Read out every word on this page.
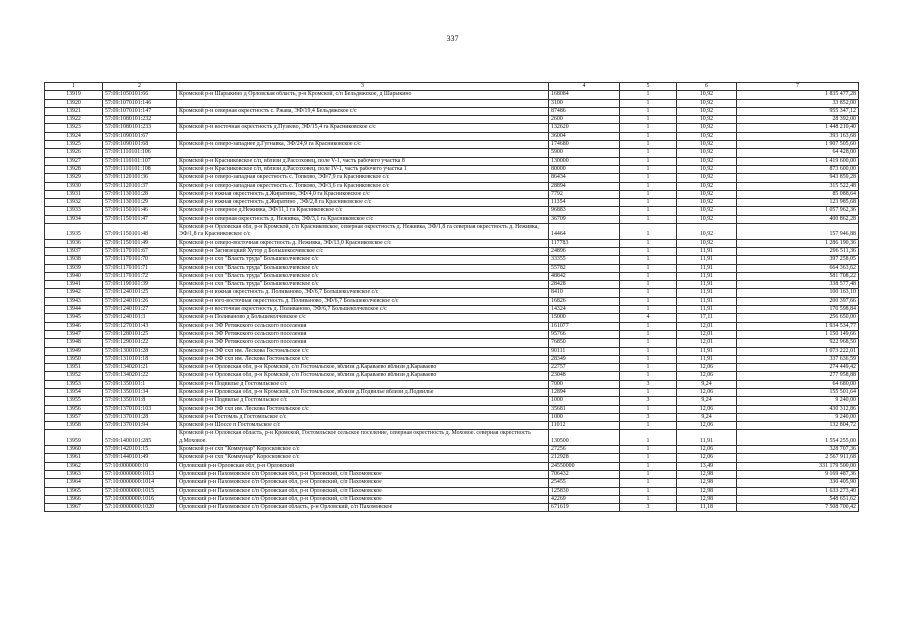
337
1	2	3	4	5	6	7
13919	57:09:1050101:66	Кромской р-н Шарыкино д Орловская область, р-н Кромской, с/п Бельдяжское, д Шарыкино	168084	1	10,92	1 835 477,28
13920	57:09:1070101:146		3100	1	10,92	33 852,00
13921	57:09:1070101:147	Кромской р-н северная окрестность с. Ржава, ЭФ/19,4 Бельдяжское с/с	87486	1	10,92	955 347,12
13922	57:09:1080101:232		2600	1	10,92	28 392,00
13923	57:09:1080101:233	Кромской р-н восточная окрестность д.Пузеево, ЭФ/15,4 га Красниковское с/с	132620	1	10,92	1 448 210,40
13924	57:09:1090101:67		36004	1	10,92	393 163,68
13925	57:09:1090101:68	Кромской р-н северо-западнее д.Гугнавка, ЭФ/24,9 га Красниковское с/с	174680	1	10,92	1 907 505,60
13926	57:09:1110101:106		5900	1	10,92	64 428,00
13927	57:09:1110101:107	Кромской р-н Красниковское с/п, вблизи д.Рассоховец, поле V-1, часть рабочего участка 8	130000	1	10,92	1 419 600,00
13928	57:09:1110101:108	Кромской р-н Красниковское с/п, вблизи д.Рассоховец, поле IV-1, часть рабочего участка 1	80000	1	10,92	873 600,00
13929	57:09:1120101:36	Кромской р-н северо-западная окрестность с. Топково, ЭФ/7,9 га Красниковское с/с	86434	1	10,92	943 859,28
13930	57:09:1120101:37	Кромской р-н северо-западная окрестность с. Топково, ЭФ/3,6 га Красниковское с/с	28894	1	10,92	315 522,48
13931	57:09:1130101:28	Кромской р-н южная окрестность д.Жиратино, ЭФ/4,0 га Красниковское с/с	7792	1	10,92	85 088,64
13932	57:09:1130101:29	Кромской р-н южная окрестность д.Жиратино , ЭФ/2,8 га Красниковское с/с	11354	1	10,92	123 985,68
13933	57:09:1150101:46	Кромской р-н северное д.Неживка, ЭФ/11,1 га Красниковское с/с	96883	1	10,92	1 057 962,36
13934	57:09:1150101:47	Кромской р-н северная окрестность д. Неживка, ЭФ/3,1 га Красниковское с/с	36709	1	10,92	400 862,28
13935	57:09:1150101:48	Кромской р-н Орловская обл, р-н Кромской, с/п Красниковское, северная окрестность д. Неживка, ЭФ/1,8 га северная окрестность д. Неживка, ЭФ/1,8 га Красниковское с/с	14464	1	10,92	157 946,88
13936	57:09:1150101:49	Кромской р-н северо-восточная окрестность д. Неживка, ЭФ/13,0 Красниковское с/с	117783	1	10,92	1 286 190,36
13937	57:09:1170101:67	Кромской р-н Загнязецкий Хутор д Большеколчевское с/с	24896	1	11,91	296 511,36
13938	57:09:1170101:70	Кромской р-н схп "Власть труда" Большеколчевское с/с	33355	1	11,91	397 258,05
13939	57:09:1170101:71	Кромской р-н схп "Власть труда" Большеколчевское с/с	55782	1	11,91	664 363,62
13940	57:09:1170101:72	Кромской р-н схп "Власть труда" Большеколчевское с/с	48842	1	11,91	581 708,22
13941	57:09:1190101:39	Кромской р-н схп "Власть труда" Большеколчевское с/с	28428	1	11,91	338 577,48
13942	57:09:1240101:25	Кромской р-н южная окрестность д. Поливаново, ЭФ/6,7 Большеколчевское с/с	8410	1	11,91	100 163,10
13943	57:09:1240101:26	Кромской р-н юго-восточная окрестность д. Поливаново, ЭФ/6,7 Большеколчевское с/с	16826	1	11,91	200 397,66
13944	57:09:1240101:27	Кромской р-н восточная окрестность д. Поливаново, ЭФ/6,7 Большеколчевское с/с	14324	1	11,91	170 598,84
13945	57:09:1240101:3	Кромской р-н Поливаново д Большеколчевское с/с	15000	4	17,11	256 650,00
13946	57:09:1270101:43	Кромской р-н ЭФ Ретяжского сельского поселения	161077	1	12,01	1 934 534,77
13947	57:09:1280101:25	Кромской р-н ЭФ Ретяжского сельского поселения	95766	1	12,01	1 150 149,66
13948	57:09:1290101:22	Кромской р-н ЭФ Ретяжского сельского поселения	76850	1	12,01	922 968,50
13949	57:09:1300101:28	Кромской р-н ЭФ схп им. Лескова Гостомльское с/с	90111	1	11,91	1 073 222,01
13950	57:09:1310101:18	Кромской р-н ЭФ схп им. Лескова Гостомльское с/с	28349	1	11,91	337 636,59
13951	57:09:1340201:21	Кромской р-н Орловская обл, р-н Кромской, с/п Гостомльское, вблизи д.Караваево вблизи д.Караваево	22757	1	12,06	274 449,42
13952	57:09:1340201:22	Кромской р-н Орловская обл, р-н Кромской, с/п Гостомльское, вблизи д.Караваево вблизи д.Караваево	23048	1	12,06	277 958,88
13953	57:09:1350101:1	Кромской р-н Подвилье д Гостомльское с/с	7000	3	9,24	64 680,00
13954	57:09:1350101:34	Кромской р-н Орловская обл, р-н Кромской, с/п Гостомльское, вблизи д.Подвилье вблизи д.Подвилье	12894	1	12,06	155 501,64
13955	57:09:1350101:8	Кромской р-н Подвилье д Гостомльское с/с	1000	3	9,24	9 240,00
13956	57:09:1370101:103	Кромской р-н ЭФ схп им. Лескова Гостомльское с/с	35681	1	12,06	430 312,86
13957	57:09:1370101:28	Кромской р-н Гостомль д Гостомльское с/с	1000	3	9,24	9 240,00
13958	57:09:1370101:94	Кромской р-н Шоссе п Гостомльское с/с	11012	1	12,06	132 804,72
13959	57:09:1400101:285	Кромской р-н Орловская область, р-н Кромской, Гостомльское сельское поселение, северная окрестность д. Моховое. северная окрестность д.Моховое.	130500	1	11,91	1 554 255,00
13960	57:09:1420101:15	Кромской р-н схп "Коммунар" Коросковское с/с	27256	1	12,06	328 707,36
13961	57:09:1440101:49	Кромской р-н схп "Коммунар" Коросковское с/с	212928	1	12,06	2 567 911,68
13962	57:10:0000000:10	Орловский р-н Орловская обл, р-н Орловский	24550000	1	13,49	331 179 500,00
13963	57:10:0000000:1013	Орловский р-н Пахомовское с/п Орловская обл, р-н Орловский, с/п Пахомовское	706432	1	12,98	9 169 487,36
13964	57:10:0000000:1014	Орловский р-н Пахомовское с/п Орловская обл, р-н Орловский, с/п Пахомовское	25455	1	12,98	330 405,90
13965	57:10:0000000:1015	Орловский р-н Пахомовское с/п Орловская обл, р-н Орловский, с/п Пахомовское	125830	1	12,98	1 633 273,40
13966	57:10:0000000:1016	Орловский р-н Пахомовское с/п Орловская обл, р-н Орловский, с/п Пахомовское	42269	1	12,98	548 651,62
13967	57:10:0000000:1020	Орловский р-н Пахомовское с/п Орловская область, р-н Орловский, с/п Пахомовское	671619	3	11,18	7 508 700,42
